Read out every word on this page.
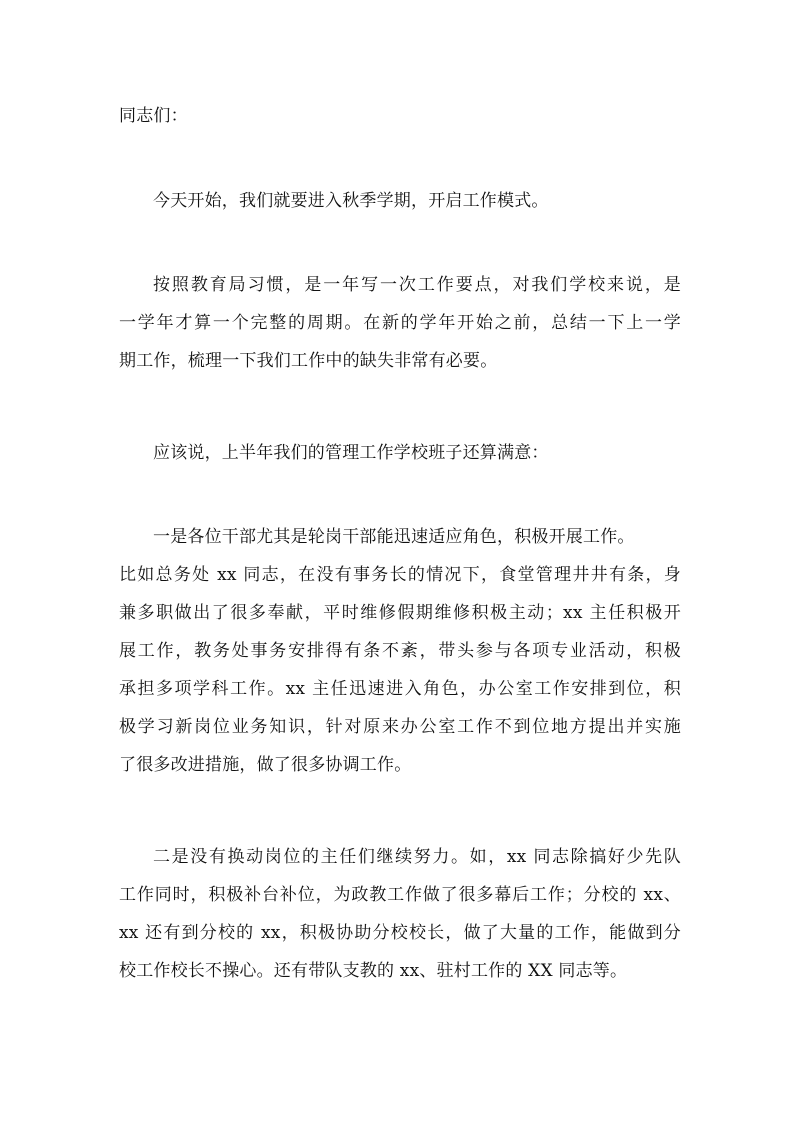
同志们：
今天开始，我们就要进入秋季学期，开启工作模式。
按照教育局习惯，是一年写一次工作要点，对我们学校来说，是
一学年才算一个完整的周期。在新的学年开始之前，总结一下上一学
期工作，梳理一下我们工作中的缺失非常有必要。
应该说，上半年我们的管理工作学校班子还算满意：
一是各位干部尤其是轮岗干部能迅速适应角色，积极开展工作。
比如总务处 xx 同志，在没有事务长的情况下，食堂管理井井有条，身
兼多职做出了很多奉献，平时维修假期维修积极主动；xx 主任积极开
展工作，教务处事务安排得有条不紊，带头参与各项专业活动，积极
承担多项学科工作。xx 主任迅速进入角色，办公室工作安排到位，积
极学习新岗位业务知识，针对原来办公室工作不到位地方提出并实施
了很多改进措施，做了很多协调工作。
二是没有换动岗位的主任们继续努力。如，xx 同志除搞好少先队
工作同时，积极补台补位，为政教工作做了很多幕后工作；分校的 xx、
xx 还有到分校的 xx，积极协助分校校长，做了大量的工作，能做到分
校工作校长不操心。还有带队支教的 xx、驻村工作的 XX 同志等。
